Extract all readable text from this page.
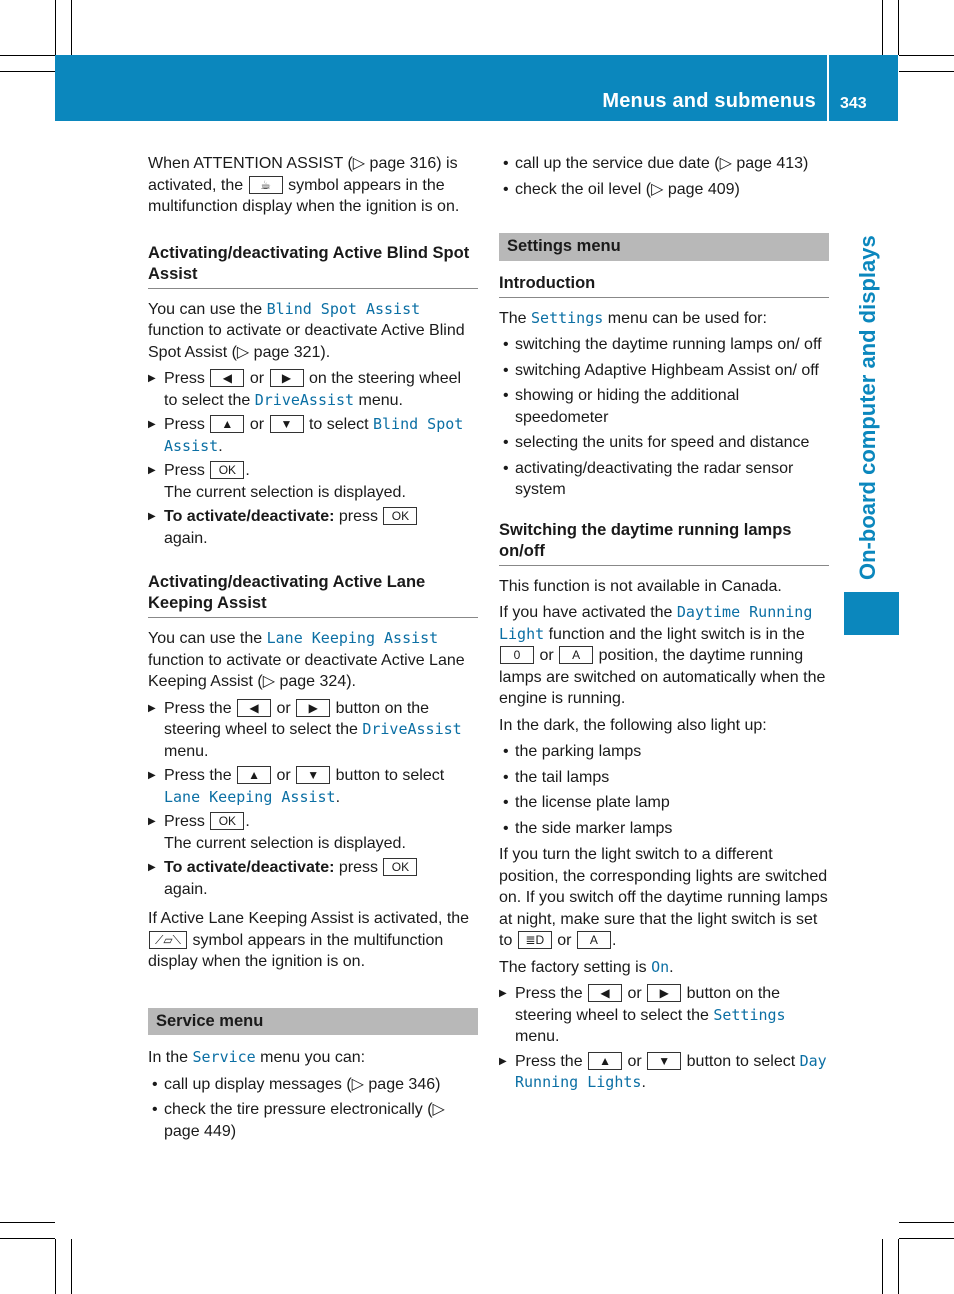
Menus and submenus 343
On-board computer and displays

When ATTENTION ASSIST (▷ page 316) is activated, the ☕ symbol appears in the multifunction display when the ignition is on.

Activating/deactivating Active Blind Spot Assist

You can use the Blind Spot Assist function to activate or deactivate Active Blind Spot Assist (▷ page 321).

▶ Press ◀ or ▶ on the steering wheel to select the DriveAssist menu.
▶ Press ▲ or ▼ to select Blind Spot Assist.
▶ Press OK .
The current selection is displayed.
▶ To activate/deactivate: press OK
again.
Activating/deactivating Active Lane Keeping Assist

You can use the Lane Keeping Assist function to activate or deactivate Active Lane Keeping Assist (▷ page 324).

▶ Press the ◀ or ▶ button on the steering wheel to select the DriveAssist menu.
▶ Press the ▲ or ▼ button to select Lane Keeping Assist.
▶ Press OK .
The current selection is displayed.
▶ To activate/deactivate: press OK
again.

If Active Lane Keeping Assist is activated, the ⟋▱⟍ symbol appears in the multifunction display when the ignition is on.

Service menu

In the Service menu you can:

• call up display messages (▷ page 346)
• check the tire pressure electronically (▷ page 449)
• call up the service due date (▷ page 413)
• check the oil level (▷ page 409)
Settings menu
Introduction

The Settings menu can be used for:

• switching the daytime running lamps on/ off
• switching Adaptive Highbeam Assist on/ off
• showing or hiding the additional speedometer
• selecting the units for speed and distance
• activating/deactivating the radar sensor system
Switching the daytime running lamps on/off

This function is not available in Canada.

If you have activated the Daytime Running Light function and the light switch is in the 0 or A position, the daytime running lamps are switched on automatically when the engine is running.

In the dark, the following also light up:

• the parking lamps
• the tail lamps
• the license plate lamp
• the side marker lamps

If you turn the light switch to a different position, the corresponding lights are switched on. If you switch off the daytime running lamps at night, make sure that the light switch is set to ≣D or A .

The factory setting is On.

▶ Press the ◀ or ▶ button on the steering wheel to select the Settings menu.
▶ Press the ▲ or ▼ button to select Day Running Lights.
